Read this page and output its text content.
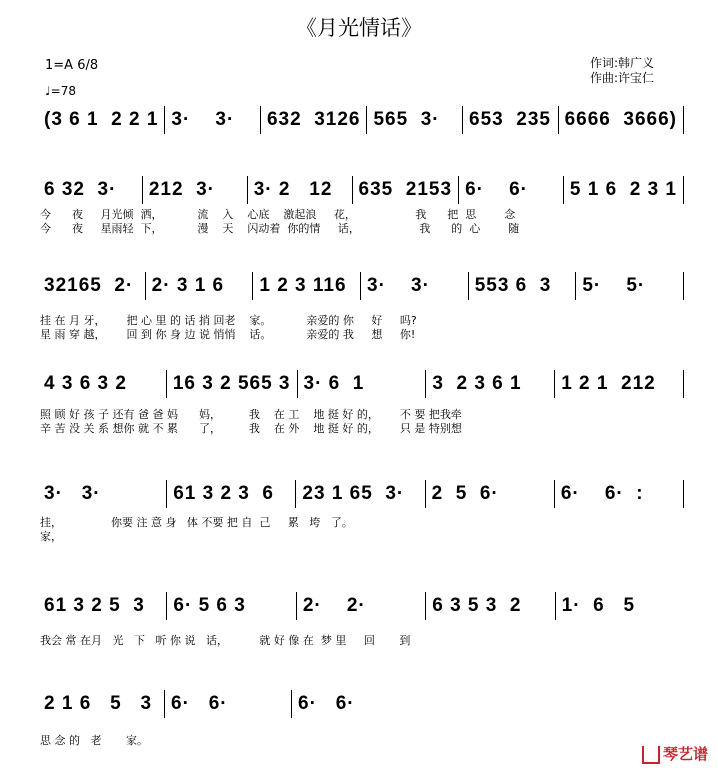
《月光情话》
1=A 6/8
♩=78
作词:韩广义
作曲:许宝仁
(3 6 1  2 2 1 3·    3·	632  3126 565  3·	653  235 6666  3666)
6 32  3·	212  3·	3· 2   12	635  2153 6·    6·	5 1 6  2 3 1
32165  2· 2· 3 1 6	1 2 3 116	3·    3·	553 6  3	5·    5·
4 3 6 3 2	16 3 2 565 3 3· 6  1	3  2 3 6 1	1 2 1  212
3·   3·	61 3 2 3  6	23 1 65  3·	2  5  6·	6·    6·  :
61 3 2 5  3	6· 5 6 3	2·    2·	6 3 5 3  2	1·  6   5
2 1 6   5   3 6·   6·	6·   6·
今      夜     月光倾  洒，          流    入    心底    激起浪     花，                 我      把  思        念
今      夜     星雨轻  下，          漫    天    闪动着  你的情     话，                 我      的  心        随
挂 在 月 牙，      把 心 里 的 话 捎 回老    家。          亲爱的 你     好     吗?
星 雨 穿 越，      回 到 你 身 边 说 悄悄    话。          亲爱的 我     想     你!
照 顾 好 孩 子 还有 爸 爸 妈      妈，        我    在 工    地 挺 好 的，      不 要 把我牵
辛 苦 没 关 系 想你 就 不 累      了，        我    在 外    地 挺 好 的，      只 是 特别想
挂，              你要 注 意 身   体 不要 把 自  己     累   垮   了。
家，
我会 常 在月   光   下   听 你 说   话，         就 好 像 在  梦 里     回       到
思 念 的   老       家。
琴艺谱
